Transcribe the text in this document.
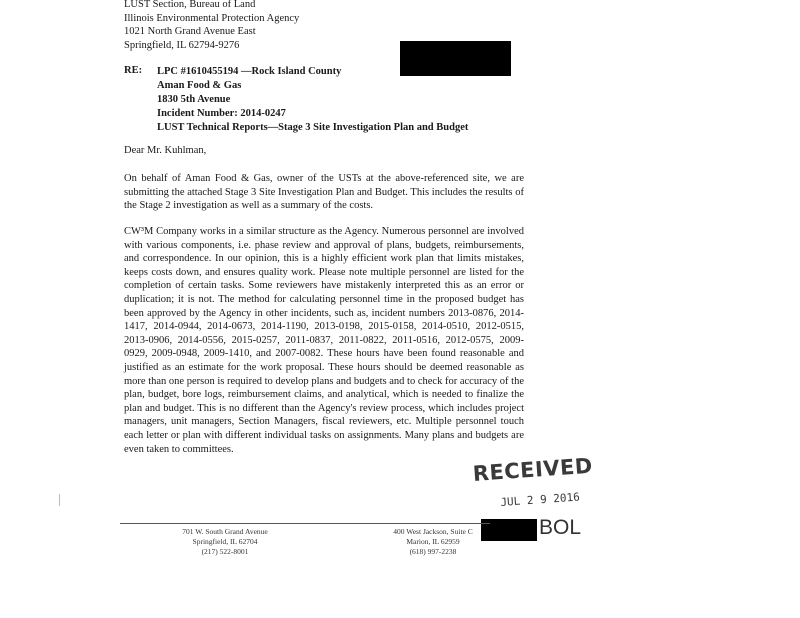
LUST Section, Bureau of Land
Illinois Environmental Protection Agency
1021 North Grand Avenue East
Springfield, IL 62794-9276
RE: LPC #1610455194 —Rock Island County
Aman Food & Gas
1830 5th Avenue
Incident Number: 2014-0247
LUST Technical Reports—Stage 3 Site Investigation Plan and Budget
Dear Mr. Kuhlman,
On behalf of Aman Food & Gas, owner of the USTs at the above-referenced site, we are submitting the attached Stage 3 Site Investigation Plan and Budget. This includes the results of the Stage 2 investigation as well as a summary of the costs.
CW³M Company works in a similar structure as the Agency. Numerous personnel are involved with various components, i.e. phase review and approval of plans, budgets, reimbursements, and correspondence. In our opinion, this is a highly efficient work plan that limits mistakes, keeps costs down, and ensures quality work. Please note multiple personnel are listed for the completion of certain tasks. Some reviewers have mistakenly interpreted this as an error or duplication; it is not. The method for calculating personnel time in the proposed budget has been approved by the Agency in other incidents, such as, incident numbers 2013-0876, 2014-1417, 2014-0944, 2014-0673, 2014-1190, 2013-0198, 2015-0158, 2014-0510, 2012-0515, 2013-0906, 2014-0556, 2015-0257, 2011-0837, 2011-0822, 2011-0516, 2012-0575, 2009-0929, 2009-0948, 2009-1410, and 2007-0082. These hours have been found reasonable and justified as an estimate for the work proposal. These hours should be deemed reasonable as more than one person is required to develop plans and budgets and to check for accuracy of the plan, budget, bore logs, reimbursement claims, and analytical, which is needed to finalize the plan and budget. This is no different than the Agency's review process, which includes project managers, unit managers, Section Managers, fiscal reviewers, etc. Multiple personnel touch each letter or plan with different individual tasks on assignments. Many plans and budgets are even taken to committees.
RECEIVED
JUL 2 9 2016
BOL
701 W. South Grand Avenue
Springfield, IL 62704
(217) 522-8001
400 West Jackson, Suite C
Marion, IL 62959
(618) 997-2238
